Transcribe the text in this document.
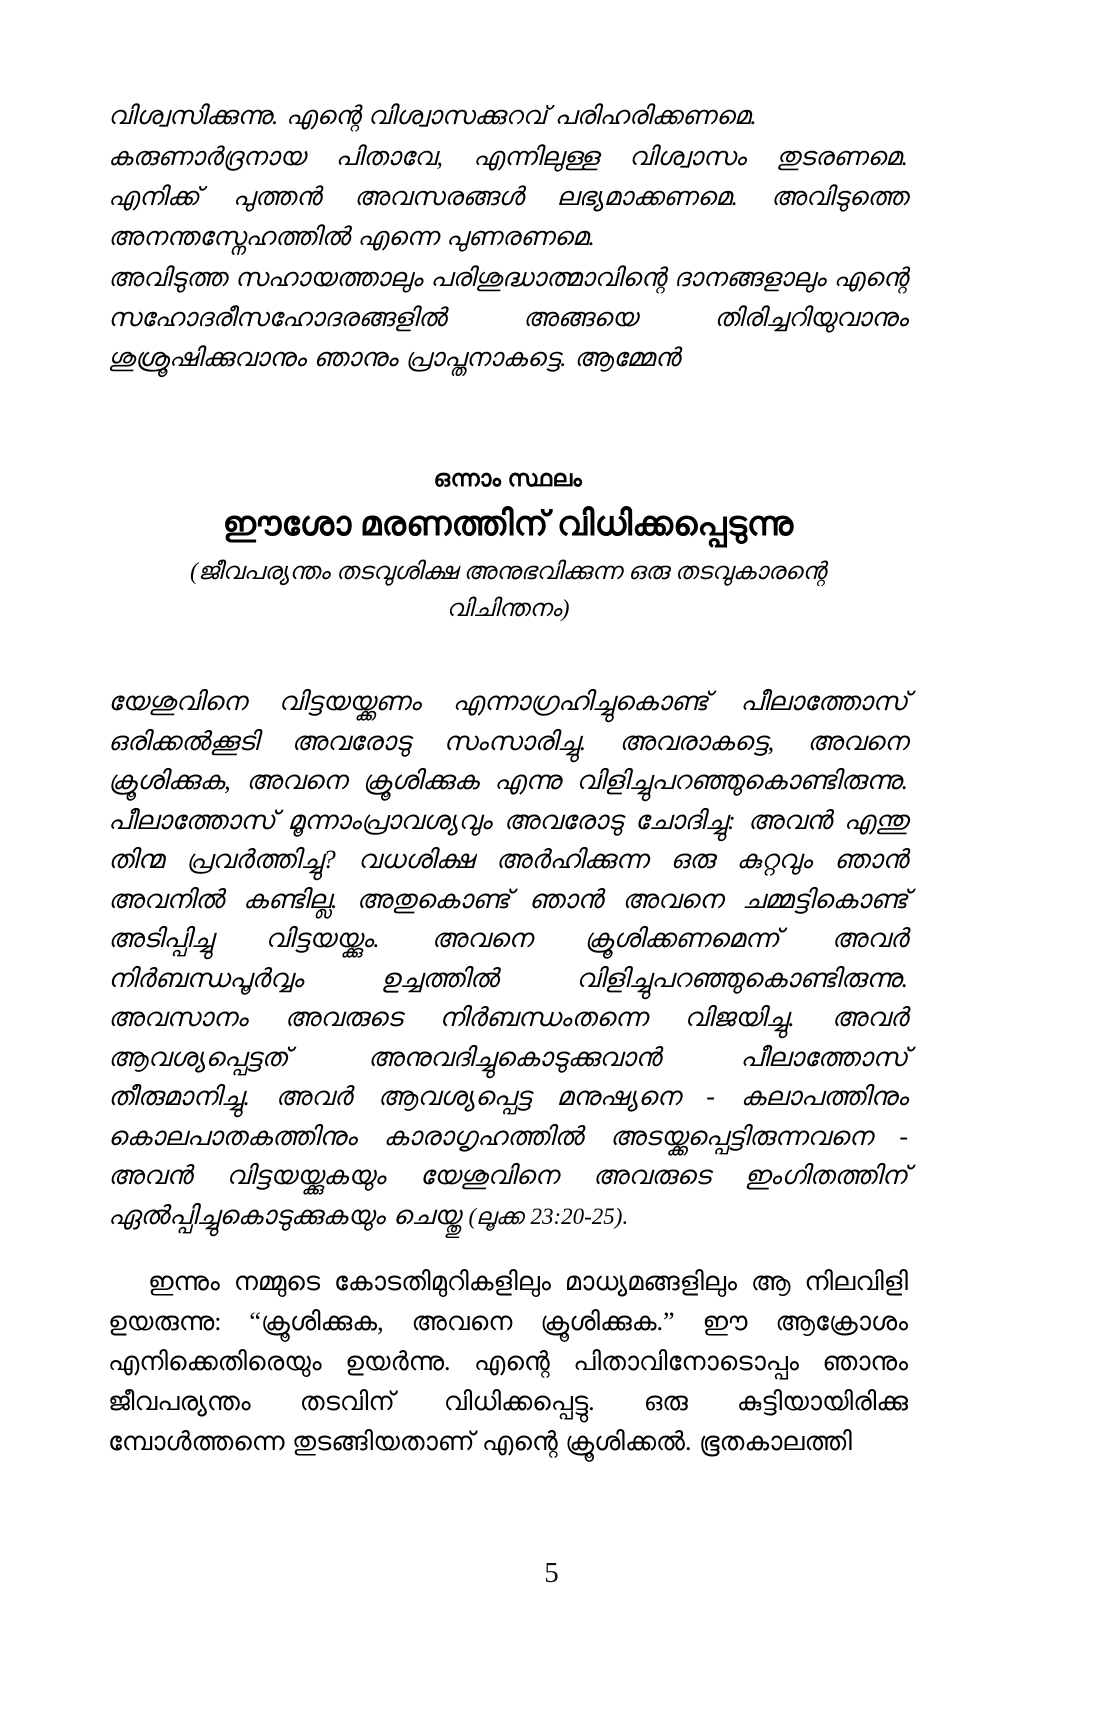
വിശ്വസിക്കുന്നു. എന്റെ വിശ്വാസക്കുറവ് പരിഹരിക്കണമെ.

കരുണാർദ്രനായ പിതാവേ, എന്നിലുള്ള വിശ്വാസം തുടരണമെ. എനിക്ക് പുത്തൻ അവസരങ്ങൾ ലഭ്യമാക്കണമെ. അവിടുത്തെ അനന്തസ്നേഹത്തിൽ എന്നെ പുണരണമെ.

അവിടുത്ത സഹായത്താലും പരിശുദ്ധാത്മാവിന്റെ ദാനങ്ങളാലും എന്റെ സഹോദരീസഹോദരങ്ങളിൽ അങ്ങയെ തിരിച്ചറിയുവാനും ശുശ്രൂഷിക്കുവാനും ഞാനും പ്രാപ്തനാകട്ടെ. ആമ്മേൻ

ഒന്നാം സ്ഥലം
ഈശോ മരണത്തിന് വിധിക്കപ്പെടുന്നു
(ജീവപര്യന്തം തടവുശിക്ഷ അനുഭവിക്കുന്ന ഒരു തടവുകാരന്റെ
വിചിന്തനം)

യേശുവിനെ വിട്ടയയ്ക്കണം എന്നാഗ്രഹിച്ചുകൊണ്ട് പീലാത്തോസ് ഒരിക്കൽക്കൂടി അവരോടു സംസാരിച്ചു. അവരാകട്ടെ, അവനെ ക്രൂശിക്കുക, അവനെ ക്രൂശിക്കുക എന്നു വിളിച്ചുപറഞ്ഞുകൊണ്ടിരുന്നു. പീലാത്തോസ് മൂന്നാംപ്രാവശ്യവും അവരോടു ചോദിച്ചു: അവൻ എന്തു തിന്മ പ്രവർത്തിച്ചു? വധശിക്ഷ അർഹിക്കുന്ന ഒരു കുറ്റവും ഞാൻ അവനിൽ കണ്ടില്ല. അതുകൊണ്ട് ഞാൻ അവനെ ചമ്മട്ടികൊണ്ട് അടിപ്പിച്ചു വിട്ടയയ്ക്കും. അവനെ ക്രൂശിക്കണമെന്ന് അവർ നിർബന്ധപൂർവ്വം ഉച്ചത്തിൽ വിളിച്ചുപറഞ്ഞുകൊണ്ടിരുന്നു. അവസാനം അവരുടെ നിർബന്ധംതന്നെ വിജയിച്ചു. അവർ ആവശ്യപ്പെട്ടത് അനുവദിച്ചുകൊടുക്കുവാൻ പീലാത്തോസ് തീരുമാനിച്ചു. അവർ ആവശ്യപ്പെട്ട മനുഷ്യനെ - കലാപത്തിനും കൊലപാതകത്തിനും കാരാഗൃഹത്തിൽ അടയ്ക്കപ്പെട്ടിരുന്നവനെ - അവൻ വിട്ടയയ്ക്കുകയും യേശുവിനെ അവരുടെ ഇംഗിതത്തിന് ഏൽപ്പിച്ചുകൊടുക്കുകയും ചെയ്തു (ലൂക്ക 23:20-25).

ഇന്നും നമ്മുടെ കോടതിമുറികളിലും മാധ്യമങ്ങളിലും ആ നിലവിളി ഉയരുന്നു: “ക്രൂശിക്കുക, അവനെ ക്രൂശിക്കുക.” ഈ ആക്രോശം എനിക്കെതിരെയും ഉയർന്നു. എന്റെ പിതാവിനോടൊപ്പം ഞാനും ജീവപര്യന്തം തടവിന് വിധിക്കപ്പെട്ടു. ഒരു കുട്ടിയായിരിക്കു മ്പോൾത്തന്നെ തുടങ്ങിയതാണ് എന്റെ ക്രൂശിക്കൽ. ഭൂതകാലത്തി

5
